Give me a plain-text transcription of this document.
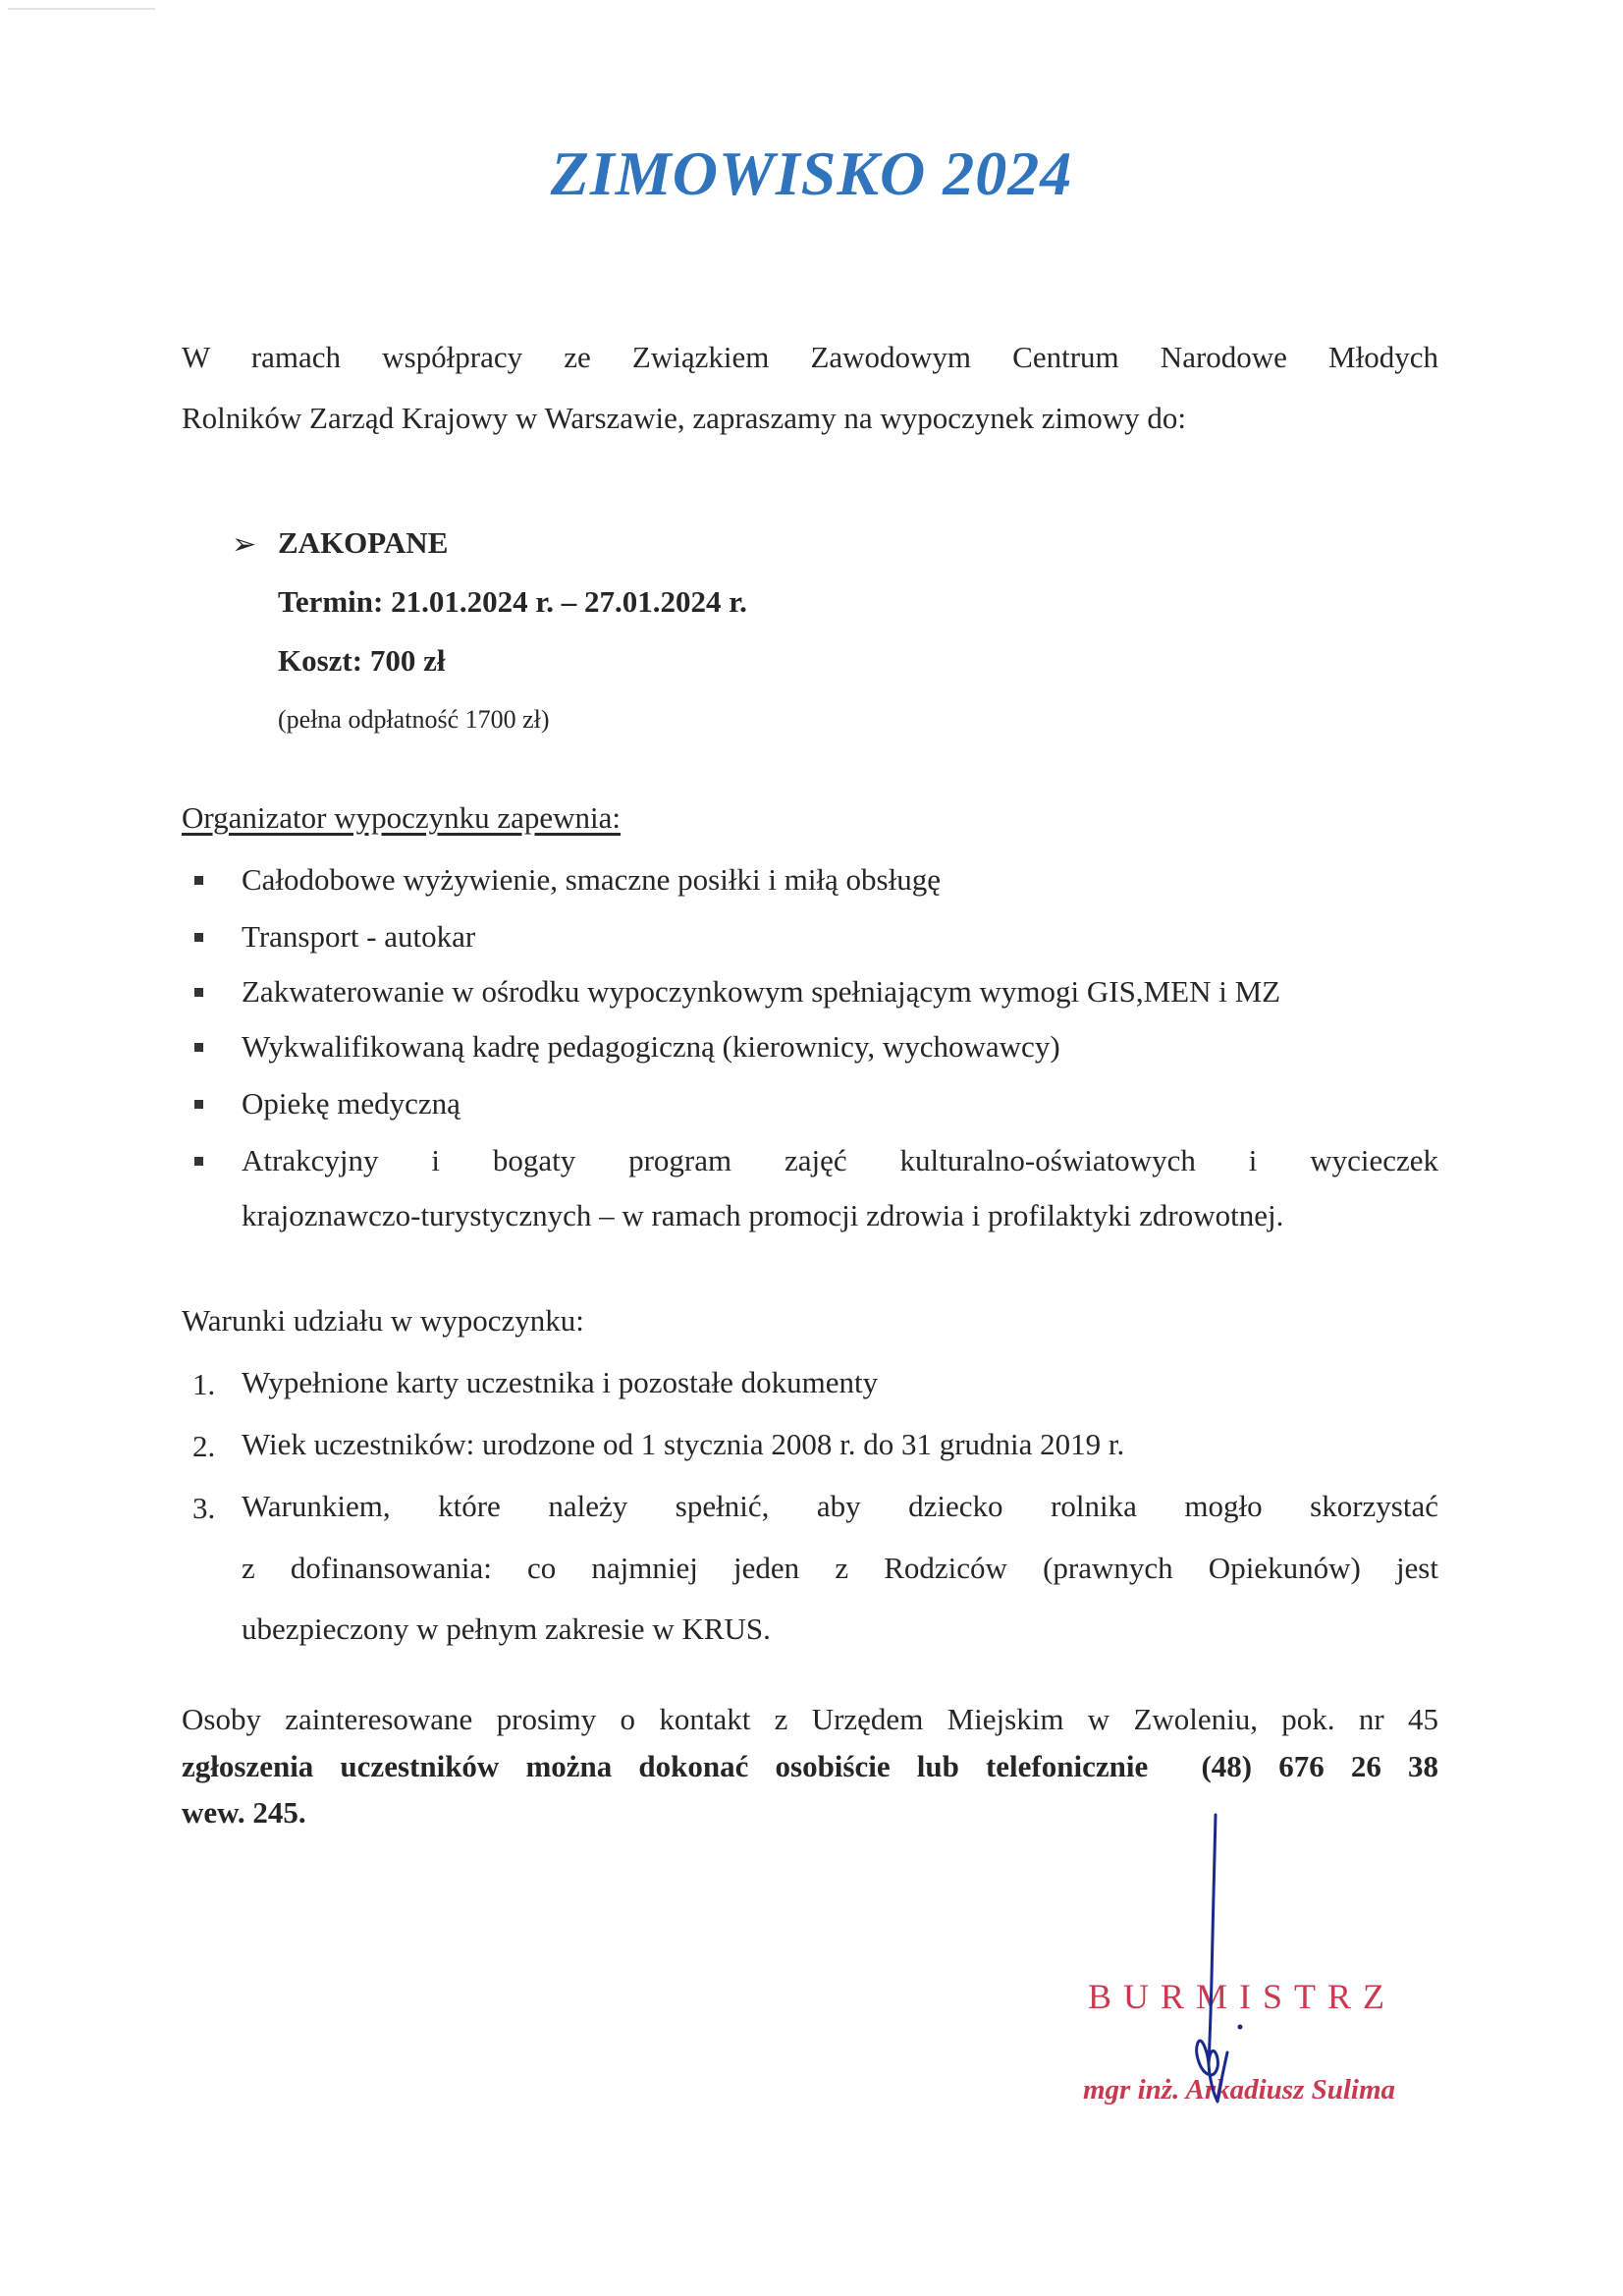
ZIMOWISKO 2024
W ramach współpracy ze Związkiem Zawodowym Centrum Narodowe Młodych
Rolników Zarząd Krajowy w Warszawie, zapraszamy na wypoczynek zimowy do:
➢ ZAKOPANE
Termin: 21.01.2024 r. – 27.01.2024 r.
Koszt: 700 zł
(pełna odpłatność 1700 zł)
Organizator wypoczynku zapewnia:
Całodobowe wyżywienie, smaczne posiłki i miłą obsługę
Transport - autokar
Zakwaterowanie w ośrodku wypoczynkowym spełniającym wymogi GIS,MEN i MZ
Wykwalifikowaną kadrę pedagogiczną (kierownicy, wychowawcy)
Opiekę medyczną
Atrakcyjny i bogaty program zajęć kulturalno-oświatowych i wycieczek
krajoznawczo-turystycznych – w ramach promocji zdrowia i profilaktyki zdrowotnej.
Warunki udziału w wypoczynku:
1. Wypełnione karty uczestnika i pozostałe dokumenty
2. Wiek uczestników: urodzone od 1 stycznia 2008 r. do 31 grudnia 2019 r.
3. Warunkiem, które należy spełnić, aby dziecko rolnika mogło skorzystać
z dofinansowania: co najmniej jeden z Rodziców (prawnych Opiekunów) jest
ubezpieczony w pełnym zakresie w KRUS.
Osoby zainteresowane prosimy o kontakt z Urzędem Miejskim w Zwoleniu, pok. nr 45
zgłoszenia uczestników można dokonać osobiście lub telefonicznie  (48) 676 26 38
wew. 245.
BURMISTRZ
mgr inż. Arkadiusz Sulima
